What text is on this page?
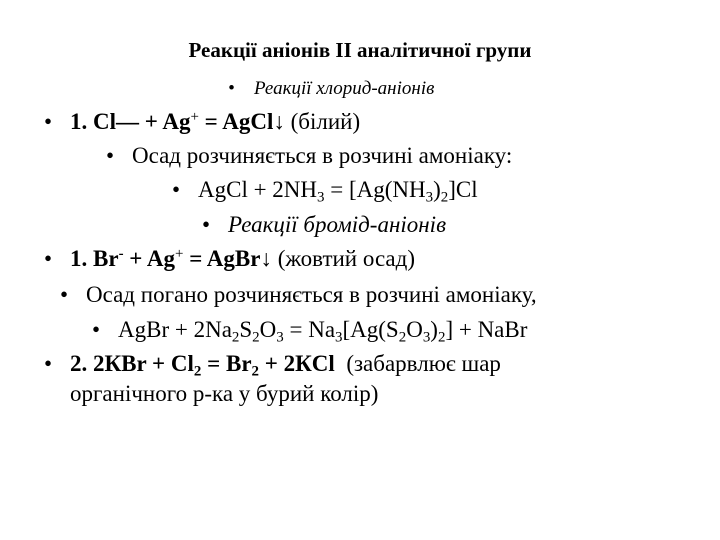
Реакції аніонів ІІ аналітичної групи
• Реакції хлорид-аніонів
• 1. Cl— + Ag+ = AgCl↓ (білий)
• Осад розчиняється в розчині амоніаку:
• AgCl + $2NH_3 = [Ag(NH_3)_2]Cl$
• Реакції бромід-аніонів
• 1. Br- + Ag+ = AgBr↓ (жовтий осад)
• Осад погано розчиняється в розчині амоніаку,
• AgBr + $2Na_2S_2O_3 = Na_3[Ag(S_2O_3)_2]$ + NaBr
• 2. $2КBr + Cl_2 = Br_2 + 2КCl$  (забарвлює шар
органічного р-ка у бурий колір)
